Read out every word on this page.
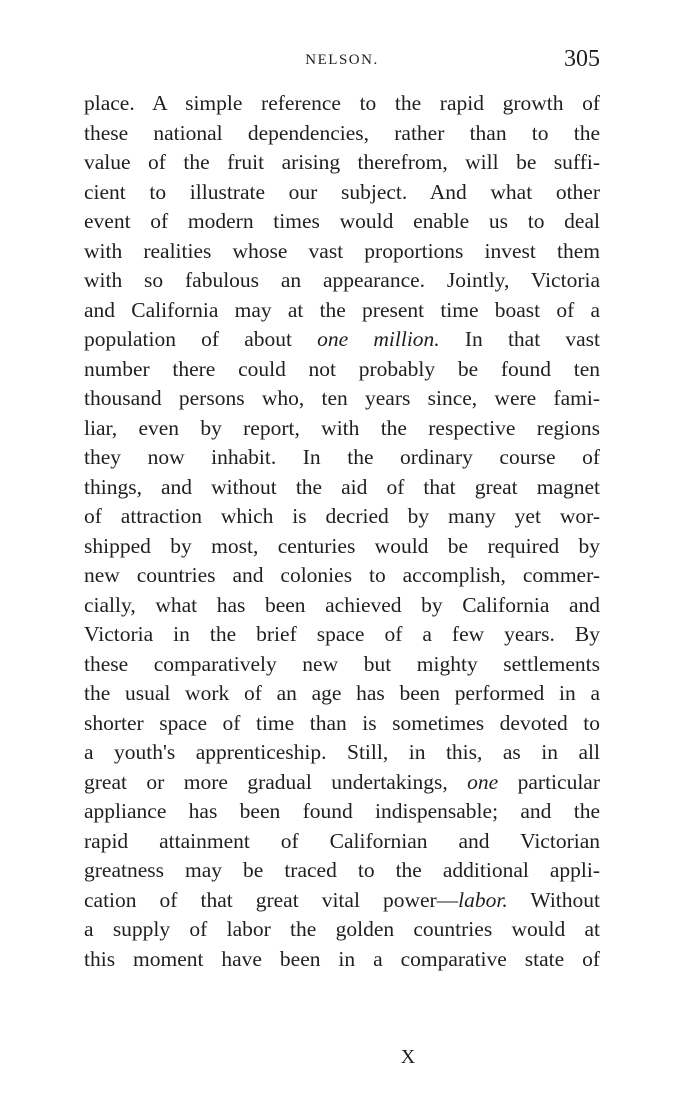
NELSON.	305
place. A simple reference to the rapid growth of
these national dependencies, rather than to the
value of the fruit arising therefrom, will be suffi-
cient to illustrate our subject. And what other
event of modern times would enable us to deal
with realities whose vast proportions invest them
with so fabulous an appearance. Jointly, Victoria
and California may at the present time boast of a
population of about one million. In that vast
number there could not probably be found ten
thousand persons who, ten years since, were fami-
liar, even by report, with the respective regions
they now inhabit. In the ordinary course of
things, and without the aid of that great magnet
of attraction which is decried by many yet wor-
shipped by most, centuries would be required by
new countries and colonies to accomplish, commer-
cially, what has been achieved by California and
Victoria in the brief space of a few years. By
these comparatively new but mighty settlements
the usual work of an age has been performed in a
shorter space of time than is sometimes devoted to
a youth's apprenticeship. Still, in this, as in all
great or more gradual undertakings, one particular
appliance has been found indispensable; and the
rapid attainment of Californian and Victorian
greatness may be traced to the additional appli-
cation of that great vital power—labor. Without
a supply of labor the golden countries would at
this moment have been in a comparative state of
X
